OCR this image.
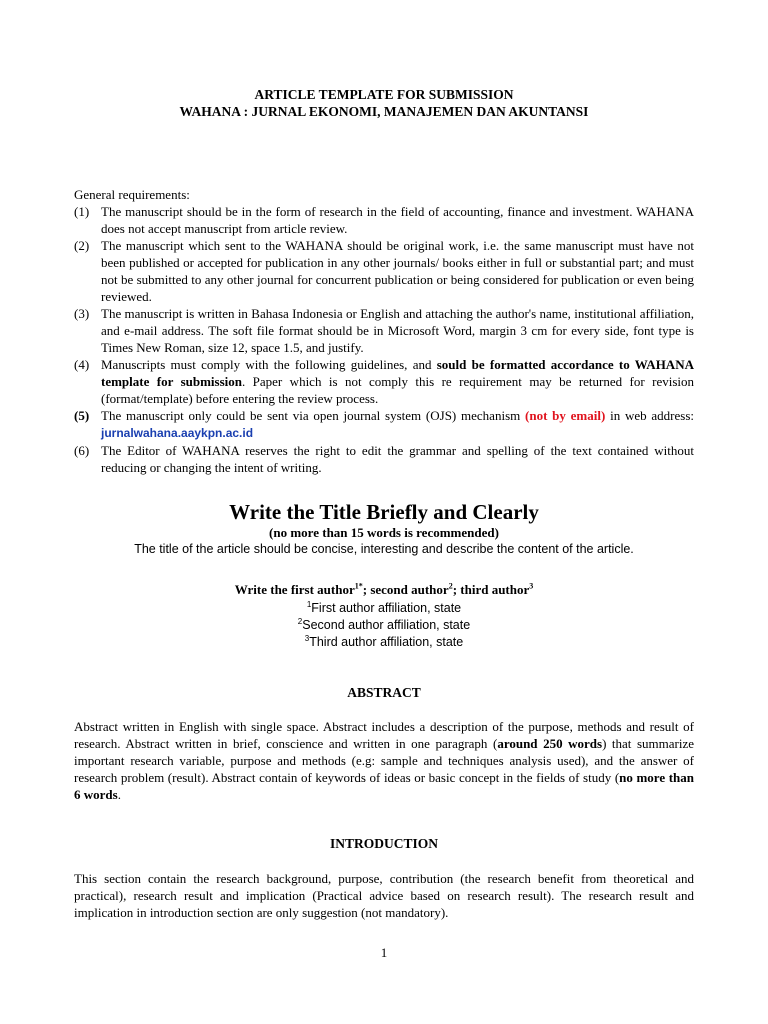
ARTICLE TEMPLATE FOR SUBMISSION
WAHANA : JURNAL EKONOMI, MANAJEMEN DAN AKUNTANSI
General requirements:
(1) The manuscript should be in the form of research in the field of accounting, finance and investment. WAHANA does not accept manuscript from article review.
(2) The manuscript which sent to the WAHANA should be original work, i.e. the same manuscript must have not been published or accepted for publication in any other journals/ books either in full or substantial part; and must not be submitted to any other journal for concurrent publication or being considered for publication or even being reviewed.
(3) The manuscript is written in Bahasa Indonesia or English and attaching the author's name, institutional affiliation, and e-mail address. The soft file format should be in Microsoft Word, margin 3 cm for every side, font type is Times New Roman, size 12, space 1.5, and justify.
(4) Manuscripts must comply with the following guidelines, and sould be formatted accordance to WAHANA template for submission. Paper which is not comply this re requirement may be returned for revision (format/template) before entering the review process.
(5) The manuscript only could be sent via open journal system (OJS) mechanism (not by email) in web address: jurnalwahana.aaykpn.ac.id
(6) The Editor of WAHANA reserves the right to edit the grammar and spelling of the text contained without reducing or changing the intent of writing.
Write the Title Briefly and Clearly
(no more than 15 words is recommended)
The title of the article should be concise, interesting and describe the content of the article.
Write the first author$^{1*}$; second author$^2$; third author$^3$
$^1$First author affiliation, state
$^2$Second author affiliation, state
$^3$Third author affiliation, state
ABSTRACT
Abstract written in English with single space. Abstract includes a description of the purpose, methods and result of research. Abstract written in brief, conscience and written in one paragraph (around 250 words) that summarize important research variable, purpose and methods (e.g: sample and techniques analysis used), and the answer of research problem (result). Abstract contain of keywords of ideas or basic concept in the fields of study (no more than 6 words.
INTRODUCTION
This section contain the research background, purpose, contribution (the research benefit from theoretical and practical), research result and implication (Practical advice based on research result). The research result and implication in introduction section are only suggestion (not mandatory).
1
